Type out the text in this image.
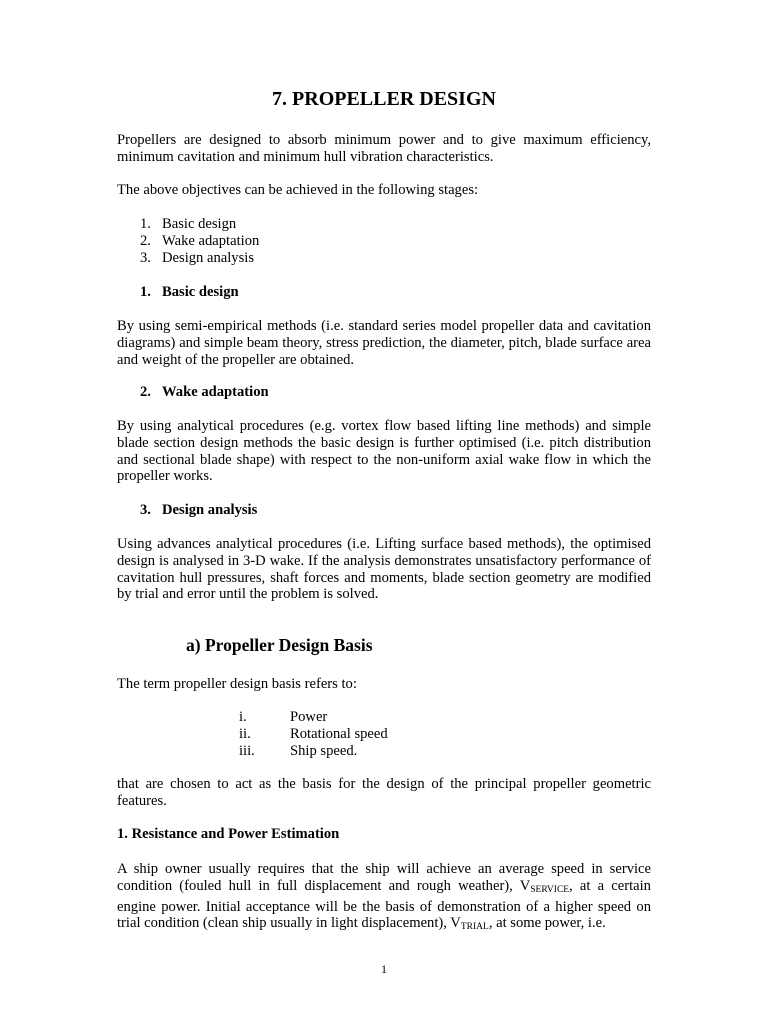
7. PROPELLER DESIGN

Propellers are designed to absorb minimum power and to give maximum efficiency, minimum cavitation and minimum hull vibration characteristics.

The above objectives can be achieved in the following stages:

1. Basic design
2. Wake adaptation
3. Design analysis
1. Basic design

By using semi-empirical methods (i.e. standard series model propeller data and cavitation diagrams) and simple beam theory, stress prediction, the diameter, pitch, blade surface area and weight of the propeller are obtained.

2. Wake adaptation

By using analytical procedures (e.g. vortex flow based lifting line methods) and simple blade section design methods the basic design is further optimised (i.e. pitch distribution and sectional blade shape) with respect to the non-uniform axial wake flow in which the propeller works.

3. Design analysis

Using advances analytical procedures (i.e. Lifting surface based methods), the optimised design is analysed in 3-D wake. If the analysis demonstrates unsatisfactory performance of cavitation hull pressures, shaft forces and moments, blade section geometry are modified by trial and error until the problem is solved.

a) Propeller Design Basis

The term propeller design basis refers to:

i.	Power
ii.	Rotational speed
iii. Ship speed.

that are chosen to act as the basis for the design of the principal propeller geometric features.

1. Resistance and Power Estimation

A ship owner usually requires that the ship will achieve an average speed in service condition (fouled hull in full displacement and rough weather), $V_{SERVICE}$, at a certain engine power. Initial acceptance will be the basis of demonstration of a higher speed on trial condition (clean ship usually in light displacement), $V_{TRIAL}$, at some power, i.e.

1
